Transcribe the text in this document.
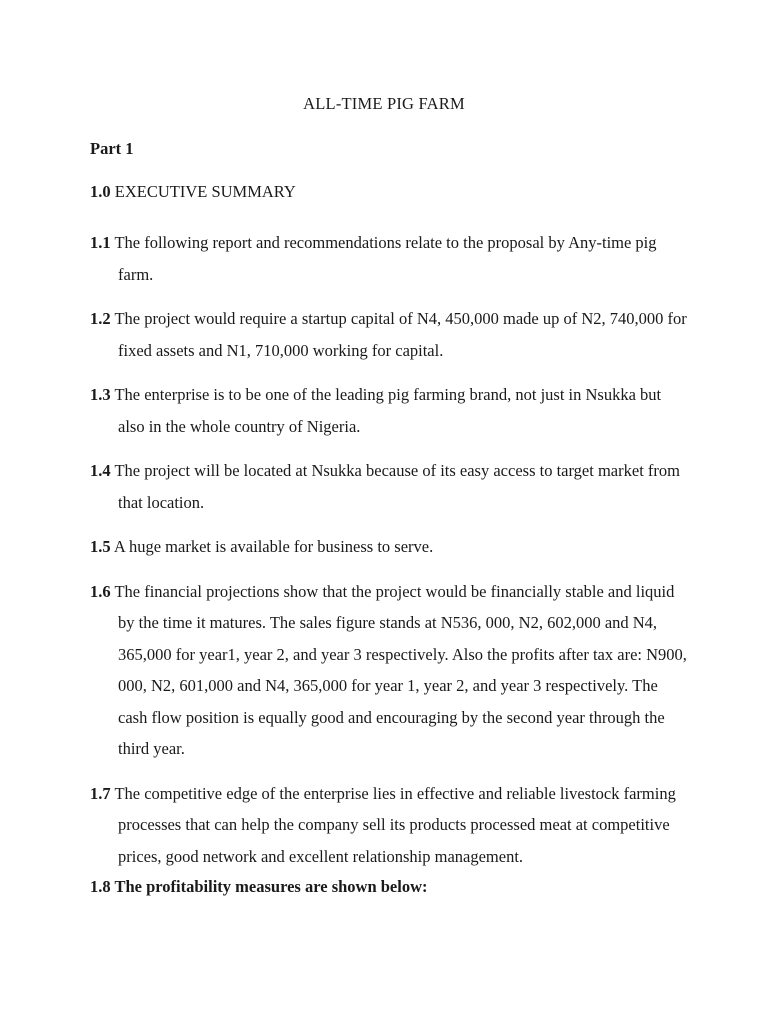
ALL-TIME PIG FARM
Part 1
1.0 EXECUTIVE SUMMARY

1.1 The following report and recommendations relate to the proposal by Any-time pig farm.

1.2 The project would require a startup capital of N4, 450,000 made up of N2, 740,000 for fixed assets and N1, 710,000 working for capital.

1.3 The enterprise is to be one of the leading pig farming brand, not just in Nsukka but also in the whole country of Nigeria.

1.4 The project will be located at Nsukka because of its easy access to target market from that location.

1.5 A huge market is available for business to serve.

1.6 The financial projections show that the project would be financially stable and liquid by the time it matures. The sales figure stands at N536, 000, N2, 602,000 and N4, 365,000 for year1, year 2, and year 3 respectively. Also the profits after tax are: N900, 000, N2, 601,000 and N4, 365,000 for year 1, year 2, and year 3 respectively. The cash flow position is equally good and encouraging by the second year through the third year.

1.7 The competitive edge of the enterprise lies in effective and reliable livestock farming processes that can help the company sell its products processed meat at competitive prices, good network and excellent relationship management.

1.8 The profitability measures are shown below:
